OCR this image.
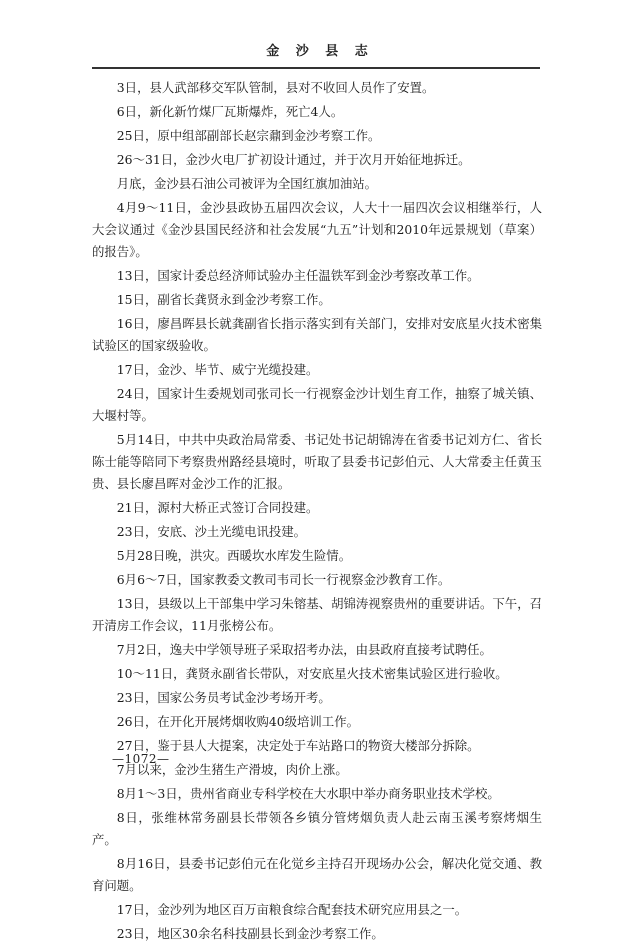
金 沙 县 志

3日，县人武部移交军队管制，县对不收回人员作了安置。

6日，新化新竹煤厂瓦斯爆炸，死亡4人。

25日，原中组部副部长赵宗鼐到金沙考察工作。

26～31日，金沙火电厂扩初设计通过，并于次月开始征地拆迁。

月底，金沙县石油公司被评为全国红旗加油站。

4月9～11日，金沙县政协五届四次会议，人大十一届四次会议相继举行，人大会议通过《金沙县国民经济和社会发展“九五”计划和2010年远景规划（草案）的报告》。

13日，国家计委总经济师试验办主任温铁军到金沙考察改革工作。

15日，副省长龚贤永到金沙考察工作。

16日，廖昌晖县长就龚副省长指示落实到有关部门，安排对安底星火技术密集试验区的国家级验收。

17日，金沙、毕节、威宁光缆投建。

24日，国家计生委规划司张司长一行视察金沙计划生育工作，抽察了城关镇、大堰村等。

5月14日，中共中央政治局常委、书记处书记胡锦涛在省委书记刘方仁、省长陈士能等陪同下考察贵州路经县境时，听取了县委书记彭伯元、人大常委主任黄玉贵、县长廖昌晖对金沙工作的汇报。

21日，源村大桥正式签订合同投建。

23日，安底、沙土光缆电讯投建。

5月28日晚，洪灾。西暖坎水库发生险情。

6月6～7日，国家教委文教司韦司长一行视察金沙教育工作。

13日，县级以上干部集中学习朱镕基、胡锦涛视察贵州的重要讲话。下午，召开清房工作会议，11月张榜公布。

7月2日，逸夫中学领导班子采取招考办法，由县政府直接考试聘任。

10～11日，龚贤永副省长带队，对安底星火技术密集试验区进行验收。

23日，国家公务员考试金沙考场开考。

26日，在开化开展烤烟收购40级培训工作。

27日，鉴于县人大提案，决定处于车站路口的物资大楼部分拆除。

7月以来，金沙生猪生产滑坡，肉价上涨。

8月1～3日，贵州省商业专科学校在大水职中举办商务职业技术学校。

8日，张维林常务副县长带领各乡镇分管烤烟负责人赴云南玉溪考察烤烟生产。

8月16日，县委书记彭伯元在化觉乡主持召开现场办公会，解决化觉交通、教育问题。

17日，金沙列为地区百万亩粮食综合配套技术研究应用县之一。

23日，地区30余名科技副县长到金沙考察工作。

—1072—
